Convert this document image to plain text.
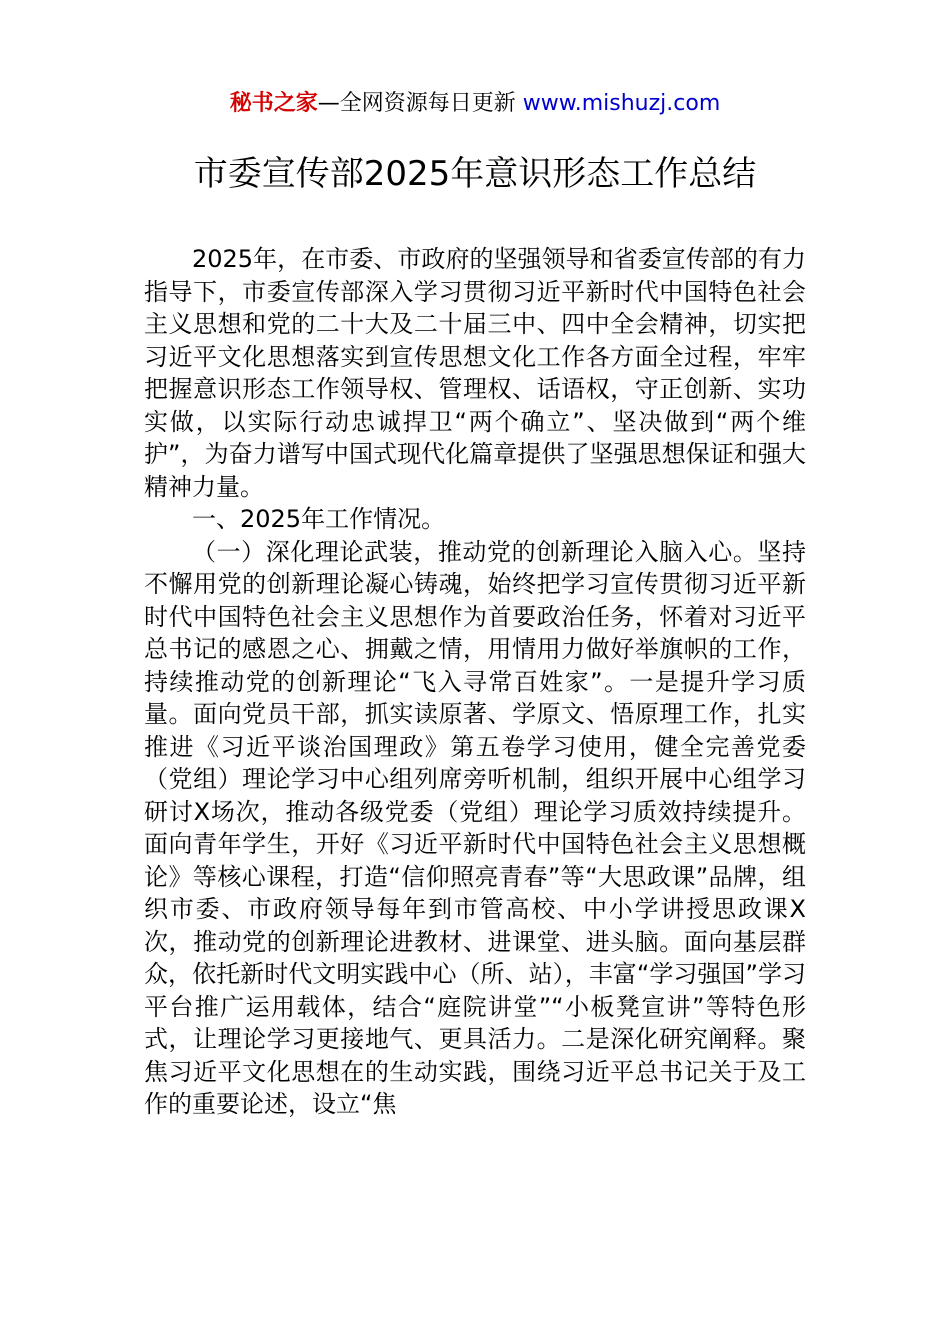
秘书之家—全网资源每日更新 www.mishuzj.com
市委宣传部2025年意识形态工作总结

2025年，在市委、市政府的坚强领导和省委宣传部的有力指导下，市委宣传部深入学习贯彻习近平新时代中国特色社会主义思想和党的二十大及二十届三中、四中全会精神，切实把习近平文化思想落实到宣传思想文化工作各方面全过程，牢牢把握意识形态工作领导权、管理权、话语权，守正创新、实功实做，以实际行动忠诚捍卫“两个确立”、坚决做到“两个维护”，为奋力谱写中国式现代化篇章提供了坚强思想保证和强大精神力量。

一、2025年工作情况。

（一）深化理论武装，推动党的创新理论入脑入心。坚持不懈用党的创新理论凝心铸魂，始终把学习宣传贯彻习近平新时代中国特色社会主义思想作为首要政治任务，怀着对习近平总书记的感恩之心、拥戴之情，用情用力做好举旗帜的工作，持续推动党的创新理论“飞入寻常百姓家”。一是提升学习质量。面向党员干部，抓实读原著、学原文、悟原理工作，扎实推进《习近平谈治国理政》第五卷学习使用，健全完善党委（党组）理论学习中心组列席旁听机制，组织开展中心组学习研讨X场次，推动各级党委（党组）理论学习质效持续提升。面向青年学生，开好《习近平新时代中国特色社会主义思想概论》等核心课程，打造“信仰照亮青春”等“大思政课”品牌，组织市委、市政府领导每年到市管高校、中小学讲授思政课X次，推动党的创新理论进教材、进课堂、进头脑。面向基层群众，依托新时代文明实践中心（所、站），丰富“学习强国”学习平台推广运用载体，结合“庭院讲堂”“小板凳宣讲”等特色形式，让理论学习更接地气、更具活力。二是深化研究阐释。聚焦习近平文化思想在的生动实践，围绕习近平总书记关于及工作的重要论述，设立“焦
